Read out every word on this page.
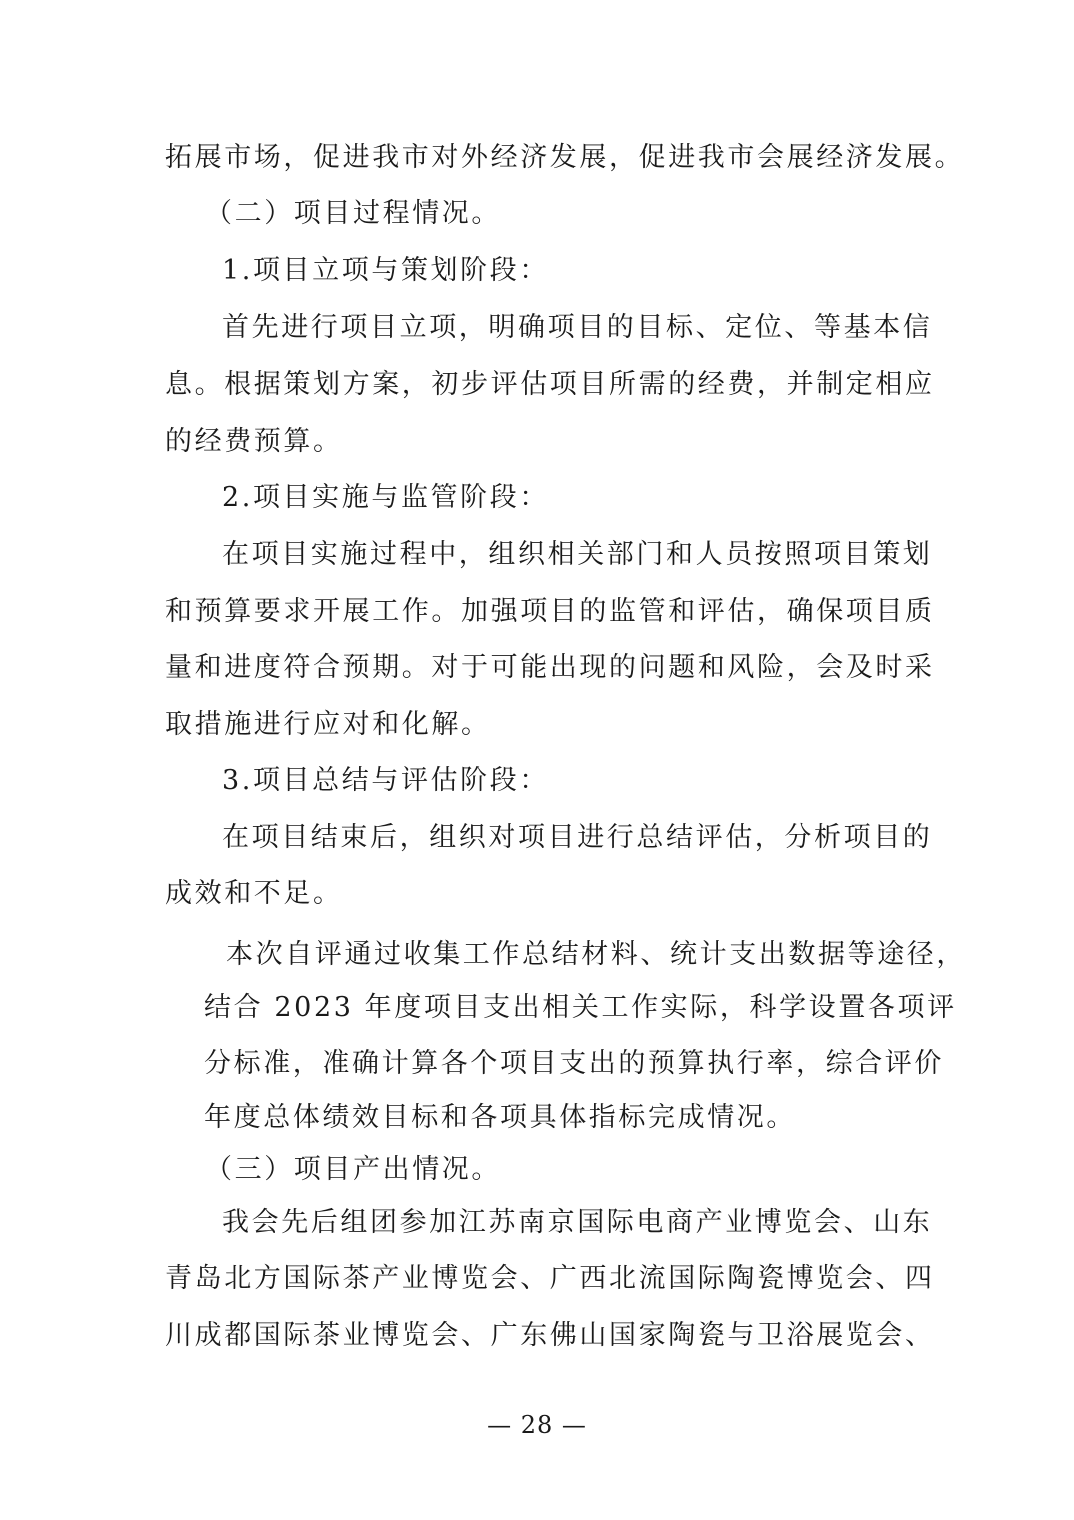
拓展市场，促进我市对外经济发展，促进我市会展经济发展。
（二）项目过程情况。
1.项目立项与策划阶段：
首先进行项目立项，明确项目的目标、定位、等基本信
息。根据策划方案，初步评估项目所需的经费，并制定相应
的经费预算。
2.项目实施与监管阶段：
在项目实施过程中，组织相关部门和人员按照项目策划
和预算要求开展工作。加强项目的监管和评估，确保项目质
量和进度符合预期。对于可能出现的问题和风险，会及时采
取措施进行应对和化解。
3.项目总结与评估阶段：
在项目结束后，组织对项目进行总结评估，分析项目的
成效和不足。
本次自评通过收集工作总结材料、统计支出数据等途径，
结合 2023 年度项目支出相关工作实际，科学设置各项评
分标准，准确计算各个项目支出的预算执行率，综合评价
年度总体绩效目标和各项具体指标完成情况。
（三）项目产出情况。
我会先后组团参加江苏南京国际电商产业博览会、山东
青岛北方国际茶产业博览会、广西北流国际陶瓷博览会、四
川成都国际茶业博览会、广东佛山国家陶瓷与卫浴展览会、
— 28 —
